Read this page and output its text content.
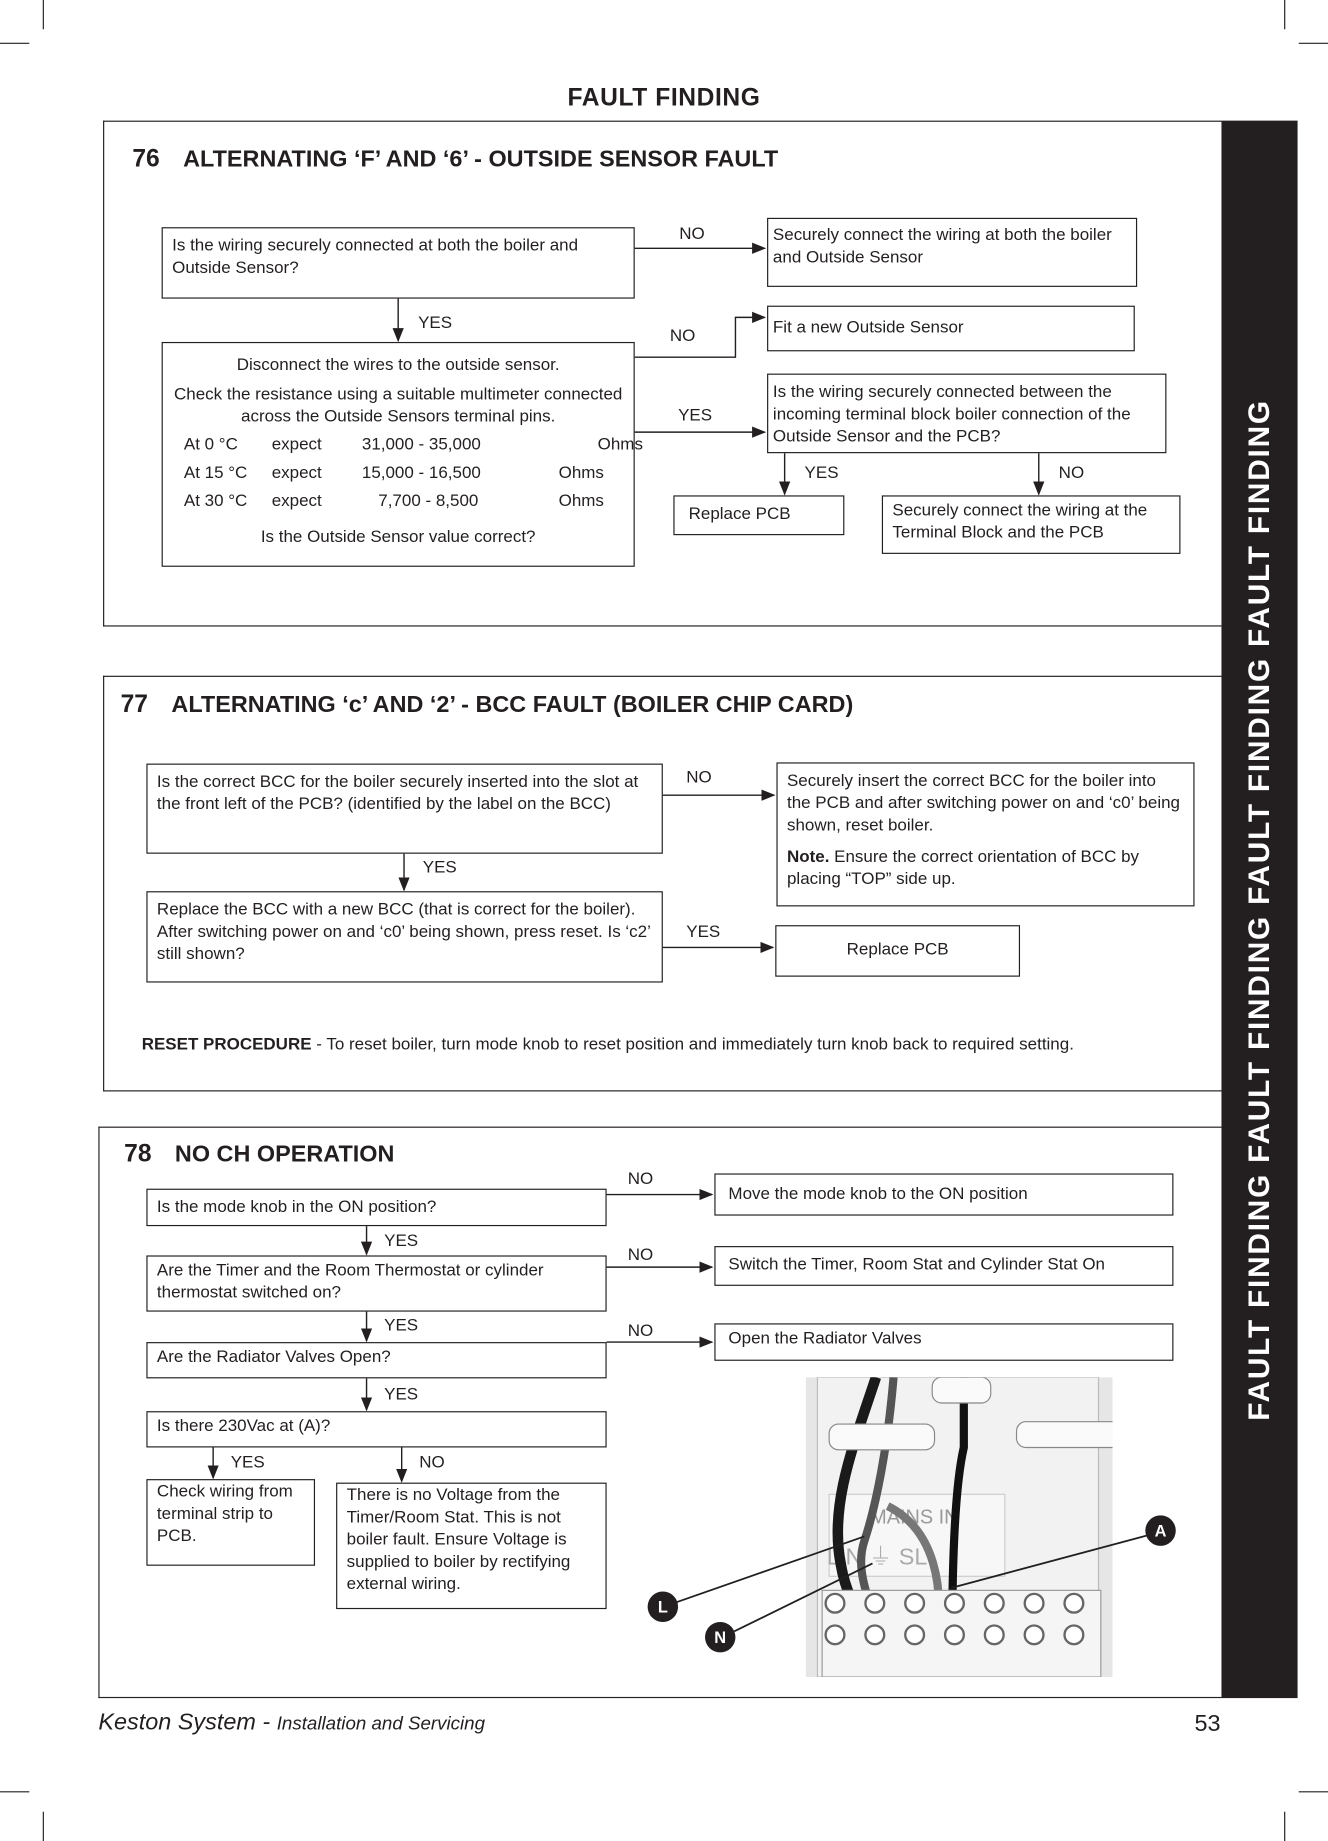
FAULT FINDING
FAULT FINDING FAULT FINDING FAULT FINDING FAULT FINDING
76 ALTERNATING ‘F’ AND ‘6’ - OUTSIDE SENSOR FAULT
Is the wiring securely connected at both the boiler and Outside Sensor?
Securely connect the wiring at both the boiler and Outside Sensor
Disconnect the wires to the outside sensor.
Check the resistance using a suitable multimeter connected across the Outside Sensors terminal pins.
At 0 °C	expect	31,000 - 35,000	Ohms
At 15 °C	expect	15,000 - 16,500	Ohms
At 30 °C	expect	7,700 - 8,500	Ohms
Is the Outside Sensor value correct?
Fit a new Outside Sensor
Is the wiring securely connected between the incoming terminal block boiler connection of the Outside Sensor and the PCB?
Replace PCB	Securely connect the wiring at the Terminal Block and the PCB
NO
YES
NO
YES
YES	NO
77 ALTERNATING ‘c’ AND ‘2’ - BCC FAULT (BOILER CHIP CARD)
Is the correct BCC for the boiler securely inserted into the slot at the front left of the PCB? (identified by the label on the BCC)
Securely insert the correct BCC for the boiler into the PCB and after switching power on and ‘c0’ being shown, reset boiler.
Note. Ensure the correct orientation of BCC by placing “TOP” side up.
Replace the BCC with a new BCC (that is correct for the boiler). After switching power on and ‘c0’ being shown, press reset. Is ‘c2’ still shown?	Replace PCB
NO
YES
YES
RESET PROCEDURE - To reset boiler, turn mode knob to reset position and immediately turn knob back to required setting.
78 NO CH OPERATION
Is the mode knob in the ON position?
Move the mode knob to the ON position
Are the Timer and the Room Thermostat or cylinder thermostat switched on?
Switch the Timer, Room Stat and Cylinder Stat On
Are the Radiator Valves Open?
Open the Radiator Valves
Is there 230Vac at (A)?
Check wiring from terminal strip to PCB.
There is no Voltage from the Timer/Room Stat. This is not boiler fault. Ensure Voltage is supplied to boiler by rectifying external wiring.
NO
YES
NO
YES	NO
YES
YES	NO
MAINS IN
L N ⏚ SL
A
L
N
Keston System - Installation and Servicing	53
